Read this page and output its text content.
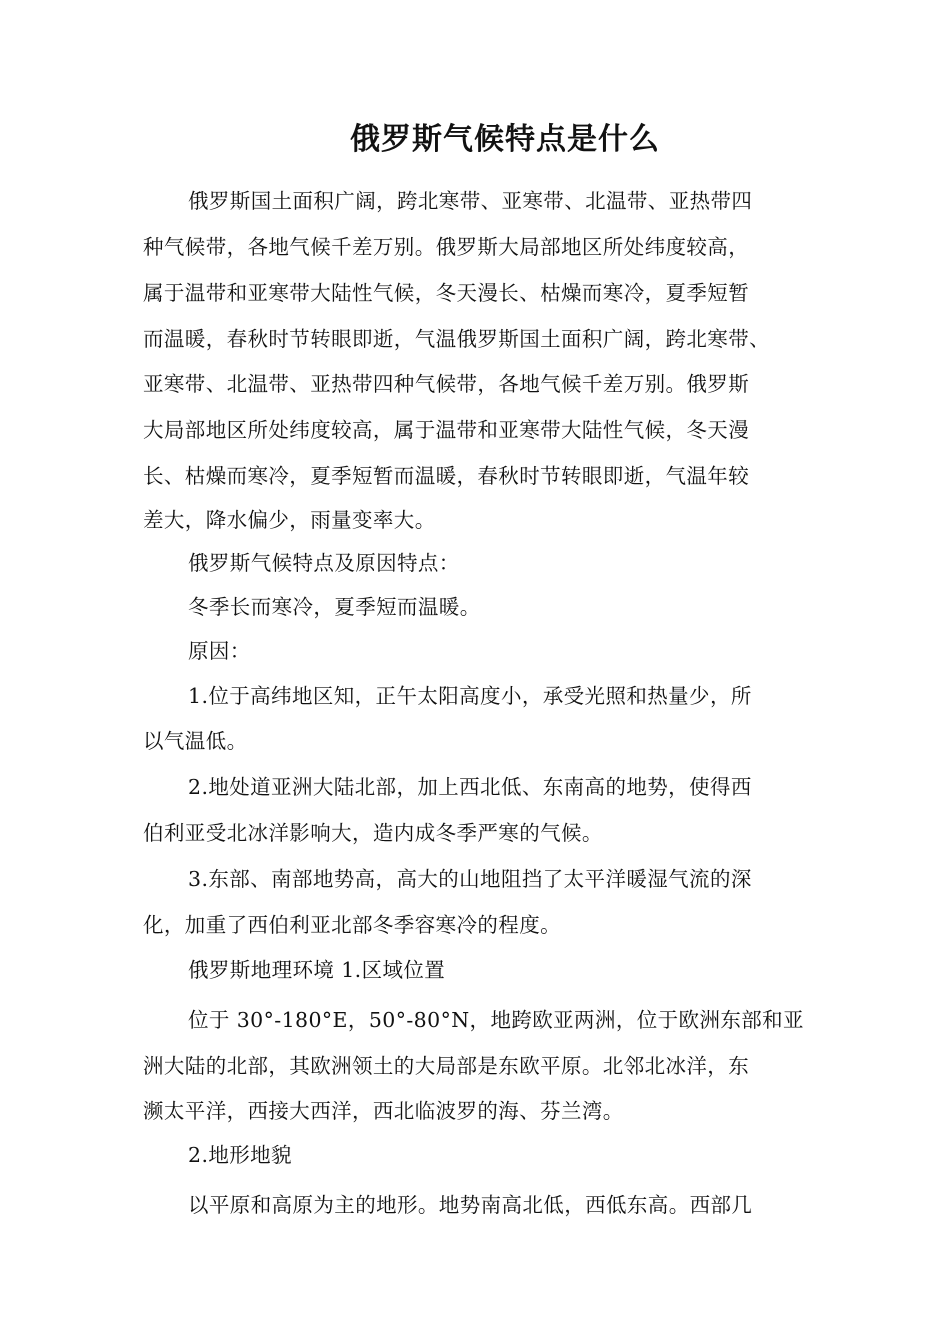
俄罗斯气候特点是什么
俄罗斯国土面积广阔，跨北寒带、亚寒带、北温带、亚热带四
种气候带，各地气候千差万别。俄罗斯大局部地区所处纬度较高，
属于温带和亚寒带大陆性气候，冬天漫长、枯燥而寒冷，夏季短暂
而温暖，春秋时节转眼即逝，气温俄罗斯国土面积广阔，跨北寒带、
亚寒带、北温带、亚热带四种气候带，各地气候千差万别。俄罗斯
大局部地区所处纬度较高，属于温带和亚寒带大陆性气候，冬天漫
长、枯燥而寒冷，夏季短暂而温暖，春秋时节转眼即逝，气温年较
差大，降水偏少，雨量变率大。
俄罗斯气候特点及原因特点：
冬季长而寒冷，夏季短而温暖。
原因：
1.位于高纬地区知，正午太阳高度小，承受光照和热量少，所
以气温低。
2.地处道亚洲大陆北部，加上西北低、东南高的地势，使得西
伯利亚受北冰洋影响大，造内成冬季严寒的气候。
3.东部、南部地势高，高大的山地阻挡了太平洋暖湿气流的深
化，加重了西伯利亚北部冬季容寒冷的程度。
俄罗斯地理环境 1.区域位置
位于 30°-180°E，50°-80°N，地跨欧亚两洲，位于欧洲东部和亚
洲大陆的北部，其欧洲领土的大局部是东欧平原。北邻北冰洋，东
濒太平洋，西接大西洋，西北临波罗的海、芬兰湾。
2.地形地貌
以平原和高原为主的地形。地势南高北低，西低东高。西部几
